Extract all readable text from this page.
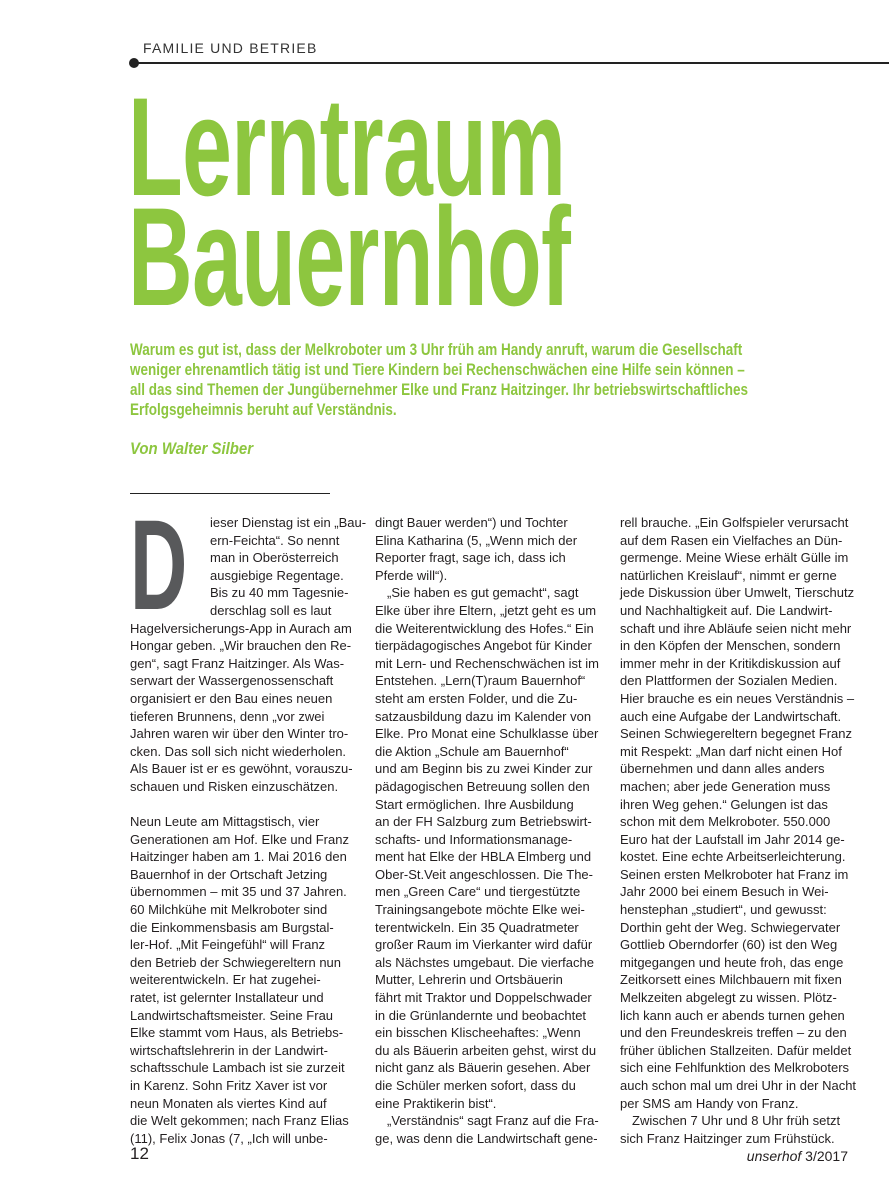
FAMILIE UND BETRIEB
Lerntraum
Bauernhof
Warum es gut ist, dass der Melkroboter um 3 Uhr früh am Handy anruft, warum die Gesellschaft
weniger ehrenamtlich tätig ist und Tiere Kindern bei Rechenschwächen eine Hilfe sein können –
all das sind Themen der Jungübernehmer Elke und Franz Haitzinger. Ihr betriebswirtschaftliches
Erfolgsgeheimnis beruht auf Verständnis.
Von Walter Silber
D	ieser Dienstag ist ein „Bau-
ern-Feichta“. So nennt
man in Oberösterreich
ausgiebige Regentage.
Bis zu 40 mm Tagesnie-
derschlag soll es laut
Hagelversicherungs-App in Aurach am
Hongar geben. „Wir brauchen den Re-
gen“, sagt Franz Haitzinger. Als Was-
serwart der Wassergenossenschaft
organisiert er den Bau eines neuen
tieferen Brunnens, denn „vor zwei
Jahren waren wir über den Winter tro-
cken. Das soll sich nicht wiederholen.
Als Bauer ist er es gewöhnt, vorauszu-
schauen und Risken einzuschätzen.
Neun Leute am Mittagstisch, vier
Generationen am Hof. Elke und Franz
Haitzinger haben am 1. Mai 2016 den
Bauernhof in der Ortschaft Jetzing
übernommen – mit 35 und 37 Jahren.
60 Milchkühe mit Melkroboter sind
die Einkommensbasis am Burgstal-
ler-Hof. „Mit Feingefühl“ will Franz
den Betrieb der Schwiegereltern nun
weiterentwickeln. Er hat zugehei-
ratet, ist gelernter Installateur und
Landwirtschaftsmeister. Seine Frau
Elke stammt vom Haus, als Betriebs-
wirtschaftslehrerin in der Landwirt-
schaftsschule Lambach ist sie zurzeit
in Karenz. Sohn Fritz Xaver ist vor
neun Monaten als viertes Kind auf
die Welt gekommen; nach Franz Elias
(11), Felix Jonas (7, „Ich will unbe-
dingt Bauer werden“) und Tochter
Elina Katharina (5, „Wenn mich der
Reporter fragt, sage ich, dass ich
Pferde will“).
„Sie haben es gut gemacht“, sagt
Elke über ihre Eltern, „jetzt geht es um
die Weiterentwicklung des Hofes.“ Ein
tierpädagogisches Angebot für Kinder
mit Lern- und Rechenschwächen ist im
Entstehen. „Lern(T)raum Bauernhof“
steht am ersten Folder, und die Zu-
satzausbildung dazu im Kalender von
Elke. Pro Monat eine Schulklasse über
die Aktion „Schule am Bauernhof“
und am Beginn bis zu zwei Kinder zur
pädagogischen Betreuung sollen den
Start ermöglichen. Ihre Ausbildung
an der FH Salzburg zum Betriebswirt-
schafts- und Informationsmanage-
ment hat Elke der HBLA Elmberg und
Ober-St.Veit angeschlossen. Die The-
men „Green Care“ und tiergestützte
Trainingsangebote möchte Elke wei-
terentwickeln. Ein 35 Quadratmeter
großer Raum im Vierkanter wird dafür
als Nächstes umgebaut. Die vierfache
Mutter, Lehrerin und Ortsbäuerin
fährt mit Traktor und Doppelschwader
in die Grünlandernte und beobachtet
ein bisschen Klischeehaftes: „Wenn
du als Bäuerin arbeiten gehst, wirst du
nicht ganz als Bäuerin gesehen. Aber
die Schüler merken sofort, dass du
eine Praktikerin bist“.
„Verständnis“ sagt Franz auf die Fra-
ge, was denn die Landwirtschaft gene-
rell brauche. „Ein Golfspieler verursacht
auf dem Rasen ein Vielfaches an Dün-
germenge. Meine Wiese erhält Gülle im
natürlichen Kreislauf“, nimmt er gerne
jede Diskussion über Umwelt, Tierschutz
und Nachhaltigkeit auf. Die Landwirt-
schaft und ihre Abläufe seien nicht mehr
in den Köpfen der Menschen, sondern
immer mehr in der Kritikdiskussion auf
den Plattformen der Sozialen Medien.
Hier brauche es ein neues Verständnis –
auch eine Aufgabe der Landwirtschaft.
Seinen Schwiegereltern begegnet Franz
mit Respekt: „Man darf nicht einen Hof
übernehmen und dann alles anders
machen; aber jede Generation muss
ihren Weg gehen.“ Gelungen ist das
schon mit dem Melkroboter. 550.000
Euro hat der Laufstall im Jahr 2014 ge-
kostet. Eine echte Arbeitserleichterung.
Seinen ersten Melkroboter hat Franz im
Jahr 2000 bei einem Besuch in Wei-
henstephan „studiert“, und gewusst:
Dorthin geht der Weg. Schwiegervater
Gottlieb Oberndorfer (60) ist den Weg
mitgegangen und heute froh, das enge
Zeitkorsett eines Milchbauern mit fixen
Melkzeiten abgelegt zu wissen. Plötz-
lich kann auch er abends turnen gehen
und den Freundeskreis treffen – zu den
früher üblichen Stallzeiten. Dafür meldet
sich eine Fehlfunktion des Melkroboters
auch schon mal um drei Uhr in der Nacht
per SMS am Handy von Franz.
Zwischen 7 Uhr und 8 Uhr früh setzt
sich Franz Haitzinger zum Frühstück.
12	unserhof 3/2017
